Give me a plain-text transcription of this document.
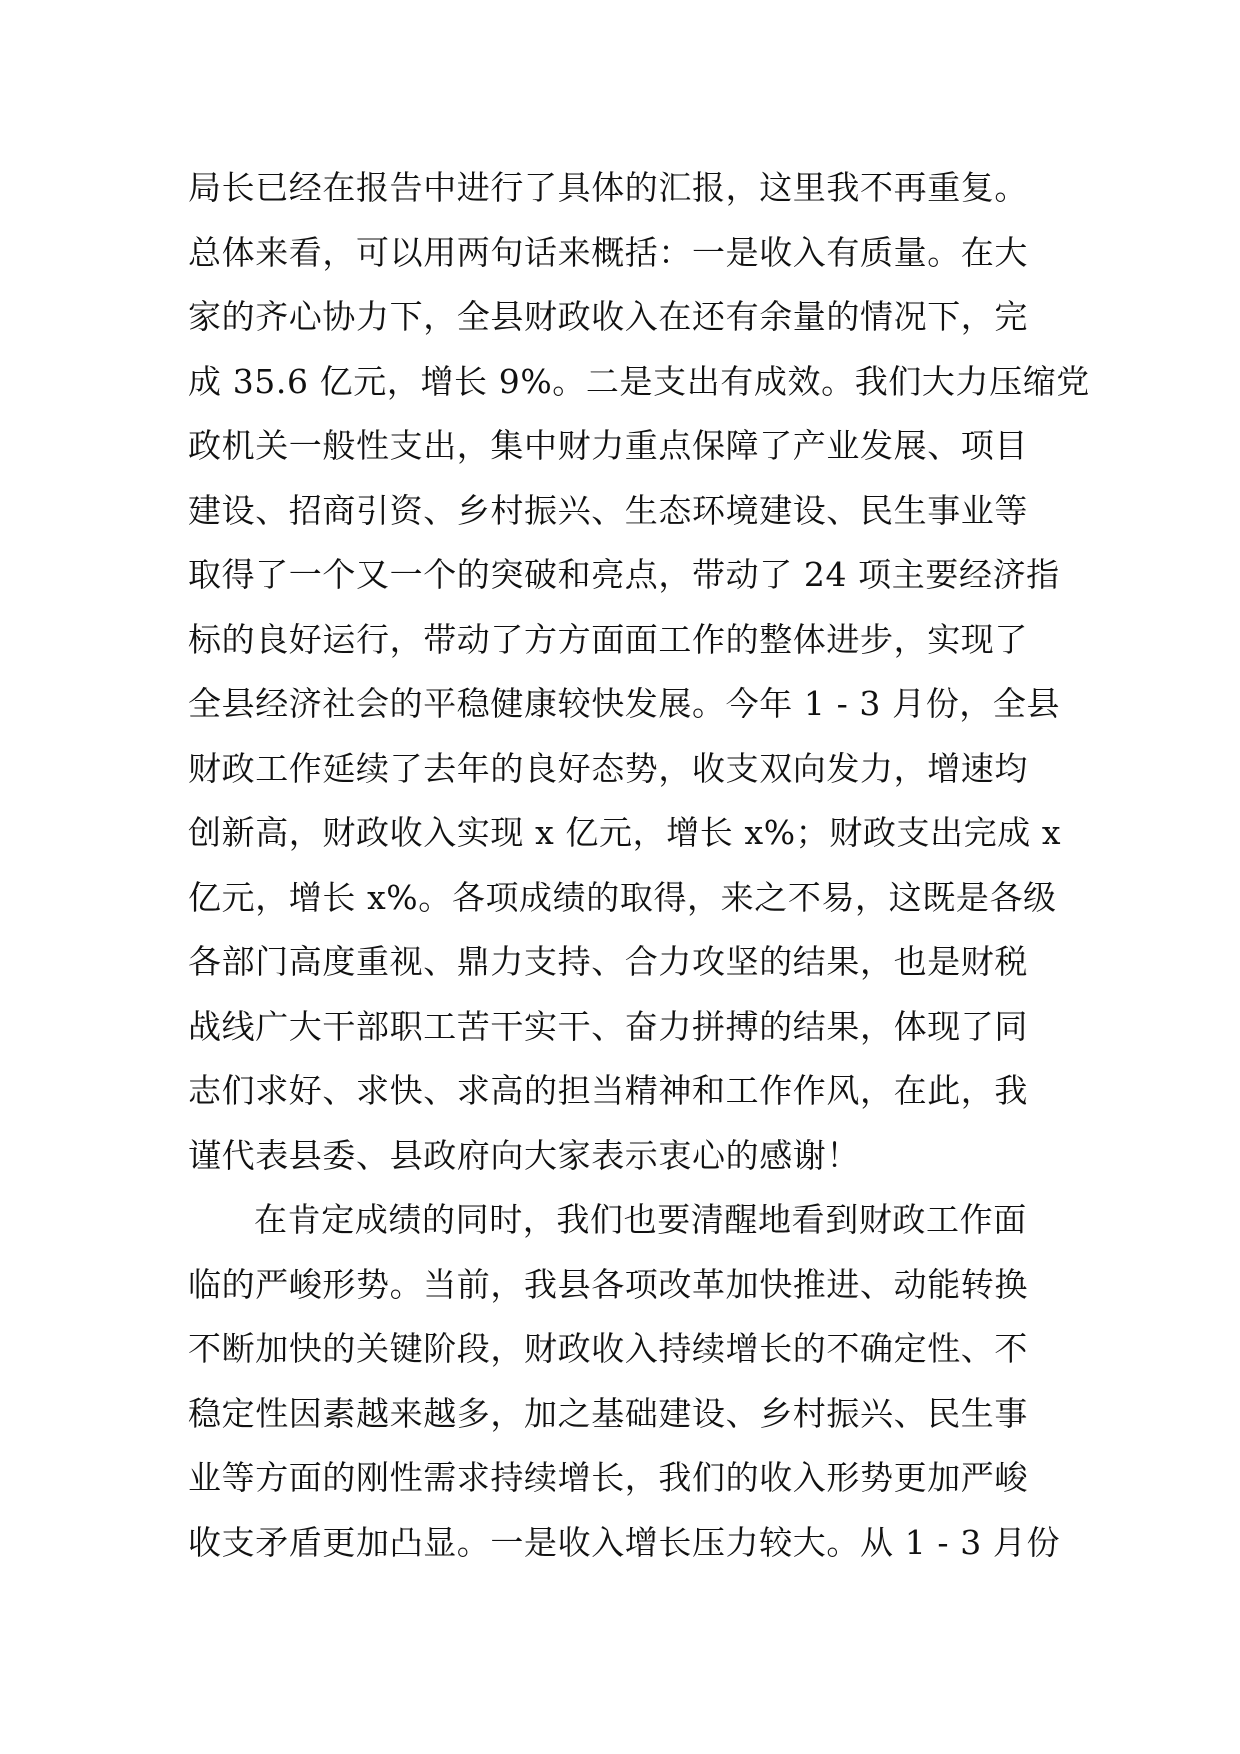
局长已经在报告中进行了具体的汇报，这里我不再重复。
总体来看，可以用两句话来概括：一是收入有质量。在大
家的齐心协力下，全县财政收入在还有余量的情况下，完
成 35.6 亿元，增长 9%。二是支出有成效。我们大力压缩党
政机关一般性支出，集中财力重点保障了产业发展、项目
建设、招商引资、乡村振兴、生态环境建设、民生事业等
取得了一个又一个的突破和亮点，带动了 24 项主要经济指
标的良好运行，带动了方方面面工作的整体进步，实现了
全县经济社会的平稳健康较快发展。今年 1 - 3 月份，全县
财政工作延续了去年的良好态势，收支双向发力，增速均
创新高，财政收入实现 x 亿元，增长 x%；财政支出完成 x
亿元，增长 x%。各项成绩的取得，来之不易，这既是各级
各部门高度重视、鼎力支持、合力攻坚的结果，也是财税
战线广大干部职工苦干实干、奋力拼搏的结果，体现了同
志们求好、求快、求高的担当精神和工作作风，在此，我
谨代表县委、县政府向大家表示衷心的感谢！
在肯定成绩的同时，我们也要清醒地看到财政工作面
临的严峻形势。当前，我县各项改革加快推进、动能转换
不断加快的关键阶段，财政收入持续增长的不确定性、不
稳定性因素越来越多，加之基础建设、乡村振兴、民生事
业等方面的刚性需求持续增长，我们的收入形势更加严峻
收支矛盾更加凸显。一是收入增长压力较大。从 1 - 3 月份
